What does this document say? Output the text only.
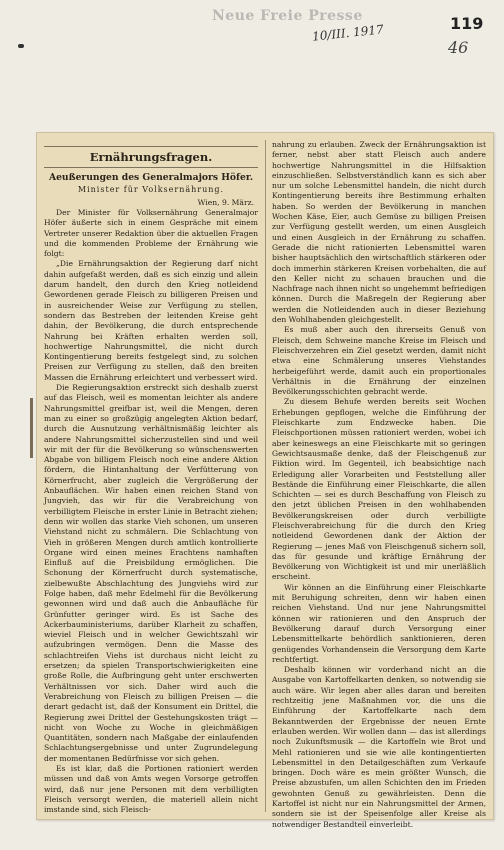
Neue Freie Presse	119
10/III. 1917
46
Ernährungsfragen.
Aeußerungen des Generalmajors Höfer.
Minister für Volksernährung.
Wien, 9. März.

Der Minister für Volksernährung Generalmajor Höfer äußerte sich in einem Gespräche mit einem Vertreter unserer Redaktion über die aktuellen Fragen und die kommenden Probleme der Ernährung wie folgt:

„Die Ernährungsaktion der Regierung darf nicht dahin aufgefaßt werden, daß es sich einzig und allein darum handelt, den durch den Krieg notleidend Gewordenen gerade Fleisch zu billigeren Preisen und in ausreichender Weise zur Verfügung zu stellen, sondern das Bestreben der leitenden Kreise geht dahin, der Bevölkerung, die durch entsprechende Nahrung bei Kräften erhalten werden soll, hochwertige Nahrungsmittel, die nicht durch Kontingentierung bereits festgelegt sind, zu solchen Preisen zur Verfügung zu stellen, daß den breiten Massen die Ernährung erleichtert und verbessert wird.

Die Regierungsaktion erstreckt sich deshalb zuerst auf das Fleisch, weil es momentan leichter als andere Nahrungsmittel greifbar ist, weil die Mengen, deren man zu einer so großzügig angelegten Aktion bedarf, durch die Ausnutzung verhältnismäßig leichter als andere Nahrungsmittel sicherzustellen sind und weil wir mit der für die Bevölkerung so wünschenswerten Abgabe von billigem Fleisch noch eine andere Aktion fördern, die Hintanhaltung der Verfütterung von Körnerfrucht, aber zugleich die Vergrößerung der Anbauflächen. Wir haben einen reichen Stand von Jungvieh, das wir für die Verabreichung von verbilligtem Fleische in erster Linie in Betracht ziehen; denn wir wollen das starke Vieh schonen, um unseren Viehstand nicht zu schmälern. Die Schlachtung von Vieh in größeren Mengen durch amtlich kontrollierte Organe wird einen meines Erachtens namhaften Einfluß auf die Preisbildung ermöglichen. Die Schonung der Körnerfrucht durch systematische, zielbewußte Abschlachtung des Jungviehs wird zur Folge haben, daß mehr Edelmehl für die Bevölkerung gewonnen wird und daß auch die Anbaufläche für Grünfutter geringer wird. Es ist Sache des Ackerbauministeriums, darüber Klarheit zu schaffen, wieviel Fleisch und in welcher Gewichtszahl wir aufzubringen vermögen. Denn die Masse des schlachtreifen Viehs ist durchaus nicht leicht zu ersetzen; da spielen Transportschwierigkeiten eine große Rolle, die Aufbringung geht unter erschwerten Verhältnissen vor sich. Daher wird auch die Verabreichung von Fleisch zu billigen Preisen — die derart gedacht ist, daß der Konsument ein Drittel, die Regierung zwei Drittel der Gestehungskosten trägt — nicht von Woche zu Woche in gleichmäßigen Quantitäten, sondern nach Maßgabe der einlaufenden Schlachtungsergebnisse und unter Zugrundelegung der momentanen Bedürfnisse vor sich gehen.

Es ist klar, daß die Portionen rationiert werden müssen und daß von Amts wegen Vorsorge getroffen wird, daß nur jene Personen mit dem verbilligten Fleisch versorgt werden, die materiell allein nicht imstande sind, sich Fleisch-

nahrung zu erlauben. Zweck der Ernährungsaktion ist ferner, nebst aber statt Fleisch auch andere hochwertige Nahrungsmittel in die Hilfsaktion einzuschließen. Selbstverständlich kann es sich aber nur um solche Lebensmittel handeln, die nicht durch Kontingentierung bereits ihre Bestimmung erhalten haben. So werden der Bevölkerung in manchen Wochen Käse, Eier, auch Gemüse zu billigen Preisen zur Verfügung gestellt werden, um einen Ausgleich und einen Ausgleich in der Ernährung zu schaffen. Gerade die nicht rationierten Lebensmittel waren bisher hauptsächlich den wirtschaftlich stärkeren oder doch immerhin stärkeren Kreisen vorbehalten, die auf den Keller nicht zu schauen brauchen und die Nachfrage nach ihnen nicht so ungehemmt befriedigen können. Durch die Maßregeln der Regierung aber werden die Notleidenden auch in dieser Beziehung den Wohlhabenden gleichgestellt.

Es muß aber auch den ihrerseits Genuß von Fleisch, dem Schweine manche Kreise im Fleisch und Fleischverzehren ein Ziel gesetzt werden, damit nicht etwa eine Schmälerung unseres Viehstandes herbeigeführt werde, damit auch ein proportionales Verhältnis in die Ernährung der einzelnen Bevölkerungsschichten gebracht werde.

Zu diesem Behufe werden bereits seit Wochen Erhebungen gepflogen, welche die Einführung der Fleischkarte zum Endzwecke haben. Die Fleischportionen müssen rationiert werden, wobei ich aber keineswegs an eine Fleischkarte mit so geringen Gewichtsausmaße denke, daß der Fleischgenuß zur Fiktion wird. Im Gegenteil, ich beabsichtige nach Erledigung aller Vorarbeiten und Feststellung aller Bestände die Einführung einer Fleischkarte, die allen Schichten — sei es durch Beschaffung von Fleisch zu den jetzt üblichen Preisen in den wohlhabenden Bevölkerungskreisen oder durch verbilligte Fleischverabreichung für die durch den Krieg notleidend Gewordenen dank der Aktion der Regierung — jenes Maß von Fleischgenuß sichern soll, das für gesunde und kräftige Ernährung der Bevölkerung von Wichtigkeit ist und mir unerläßlich erscheint.

Wir können an die Einführung einer Fleischkarte mit Beruhigung schreiten, denn wir haben einen reichen Viehstand. Und nur jene Nahrungsmittel können wir rationieren und den Anspruch der Bevölkerung darauf durch Versorgung einer Lebensmittelkarte behördlich sanktionieren, deren genügendes Vorhandensein die Versorgung dem Karte rechtfertigt.

Deshalb können wir vorderhand nicht an die Ausgabe von Kartoffelkarten denken, so notwendig sie auch wäre. Wir legen aber alles daran und bereiten rechtzeitig jene Maßnahmen vor, die uns die Einführung der Kartoffelkarte nach dem Bekanntwerden der Ergebnisse der neuen Ernte erlauben werden. Wir wollen dann — das ist allerdings noch Zukunftsmusik — die Kartoffeln wie Brot und Mehl rationieren und sie wie alle kontingentierten Lebensmittel in den Detailgeschäften zum Verkaufe bringen. Doch wäre es mein größter Wunsch, die Preise abzustufen, um allen Schichten den im Frieden gewohnten Genuß zu gewährleisten. Denn die Kartoffel ist nicht nur ein Nahrungsmittel der Armen, sondern sie ist der Speisenfolge aller Kreise als notwendiger Bestandteil einverleibt.
